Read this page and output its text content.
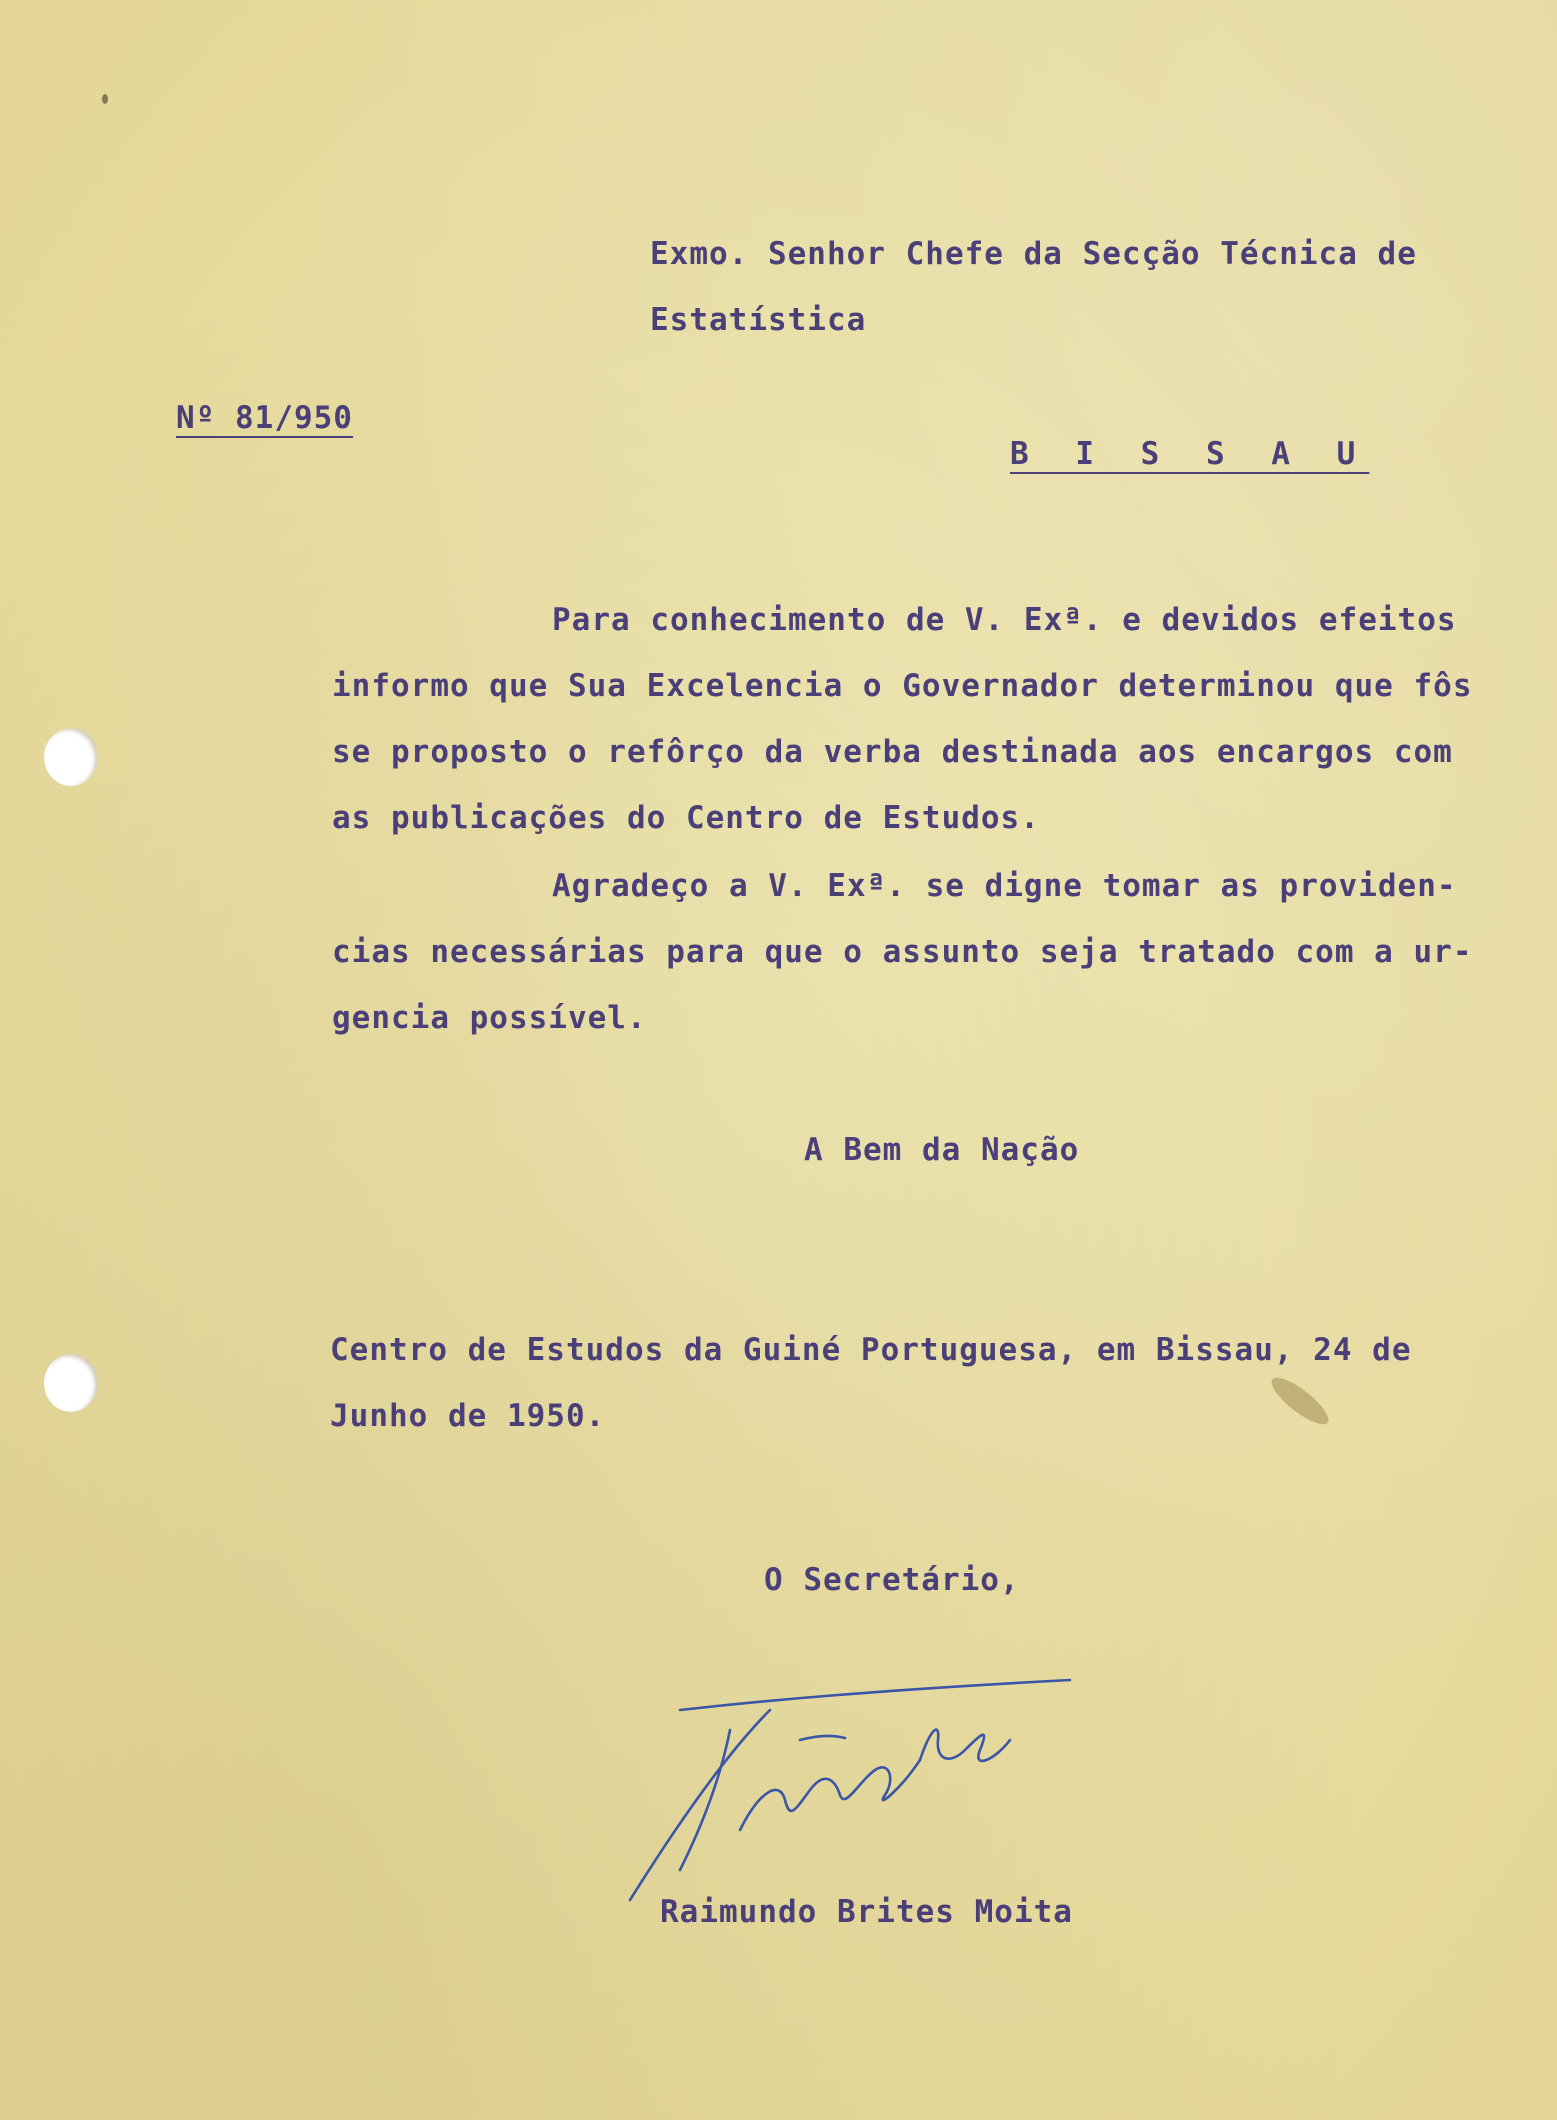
Exmo. Senhor Chefe da Secção Técnica de
Estatística
Nº 81/950
B I S S A U
Para conhecimento de V. Exª. e devidos efeitos
informo que Sua Excelencia o Governador determinou que fôs
se proposto o refôrço da verba destinada aos encargos com
as publicações do Centro de Estudos.
Agradeço a V. Exª. se digne tomar as providen-
cias necessárias para que o assunto seja tratado com a ur-
gencia possível.
A Bem da Nação
Centro de Estudos da Guiné Portuguesa, em Bissau, 24 de
Junho de 1950.
O Secretário,
Raimundo Brites Moita
